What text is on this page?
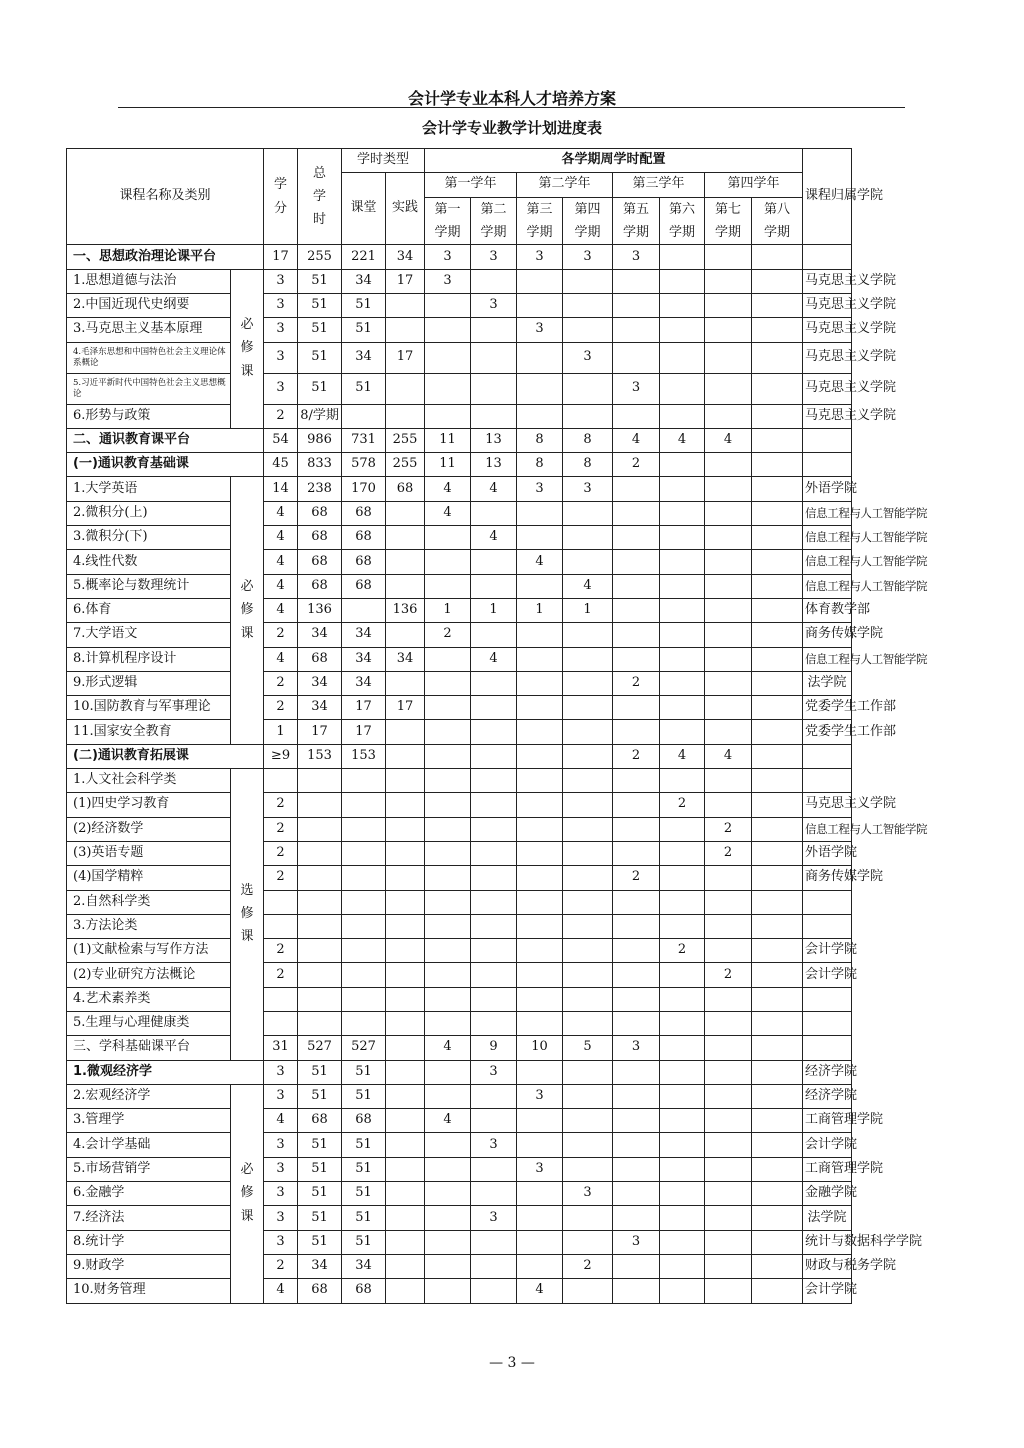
会计学专业本科人才培养方案
会计学专业教学计划进度表
课程名称及类别		学分	总学时	学时类型		各学期周学时配置								课程归属学院
				课堂	实践	第一学年		第二学年		第三学年		第四学年		
						第一学期	第二学期	第三学期	第四学期	第五学期	第六学期	第七学期	第八学期	

一、思想政治理论课平台		17	255	221	34	3	3	3	3	3				
1.思想道德与法治	必修课	3	51	34	17	3								马克思主义学院
2.中国近现代史纲要		3	51	51			3							马克思主义学院
3.马克思主义基本原理		3	51	51				3						马克思主义学院
4.毛泽东思想和中国特色社会主义理论体系概论		3	51	34	17				3					马克思主义学院
5.习近平新时代中国特色社会主义思想概论		3	51	51						3				马克思主义学院
6.形势与政策		2	8/学期											马克思主义学院
二、通识教育课平台		54	986	731	255	11	13	8	8	4	4	4		
(一)通识教育基础课		45	833	578	255	11	13	8	8	2				
1.大学英语	必修课	14	238	170	68	4	4	3	3					外语学院
2.微积分(上)		4	68	68		4								信息工程与人工智能学院
3.微积分(下)		4	68	68			4							信息工程与人工智能学院
4.线性代数		4	68	68				4						信息工程与人工智能学院
5.概率论与数理统计		4	68	68					4					信息工程与人工智能学院
6.体育		4	136		136	1	1	1	1					体育教学部
7.大学语文		2	34	34		2								商务传媒学院
8.计算机程序设计		4	68	34	34		4							信息工程与人工智能学院
9.形式逻辑		2	34	34						2				法学院
10.国防教育与军事理论		2	34	17	17									党委学生工作部
11.国家安全教育		1	17	17										党委学生工作部
(二)通识教育拓展课		≥9	153	153						2	4	4		
1.人文社会科学类	选修课													
(1)四史学习教育		2									2			马克思主义学院
(2)经济数学		2										2		信息工程与人工智能学院
(3)英语专题		2										2		外语学院
(4)国学精粹		2								2				商务传媒学院
2.自然科学类														
3.方法论类														
(1)文献检索与写作方法		2									2			会计学院
(2)专业研究方法概论		2										2		会计学院
4.艺术素养类														
5.生理与心理健康类														
三、学科基础课平台		31	527	527		4	9	10	5	3				
1.微观经济学		3	51	51			3							经济学院
2.宏观经济学	必修课	3	51	51				3						经济学院
3.管理学		4	68	68		4								工商管理学院
4.会计学基础		3	51	51			3							会计学院
5.市场营销学		3	51	51				3						工商管理学院
6.金融学		3	51	51					3					金融学院
7.经济法		3	51	51			3							法学院
8.统计学		3	51	51						3				统计与数据科学学院
9.财政学		2	34	34					2					财政与税务学院
10.财务管理		4	68	68				4						会计学院
— 3 —
